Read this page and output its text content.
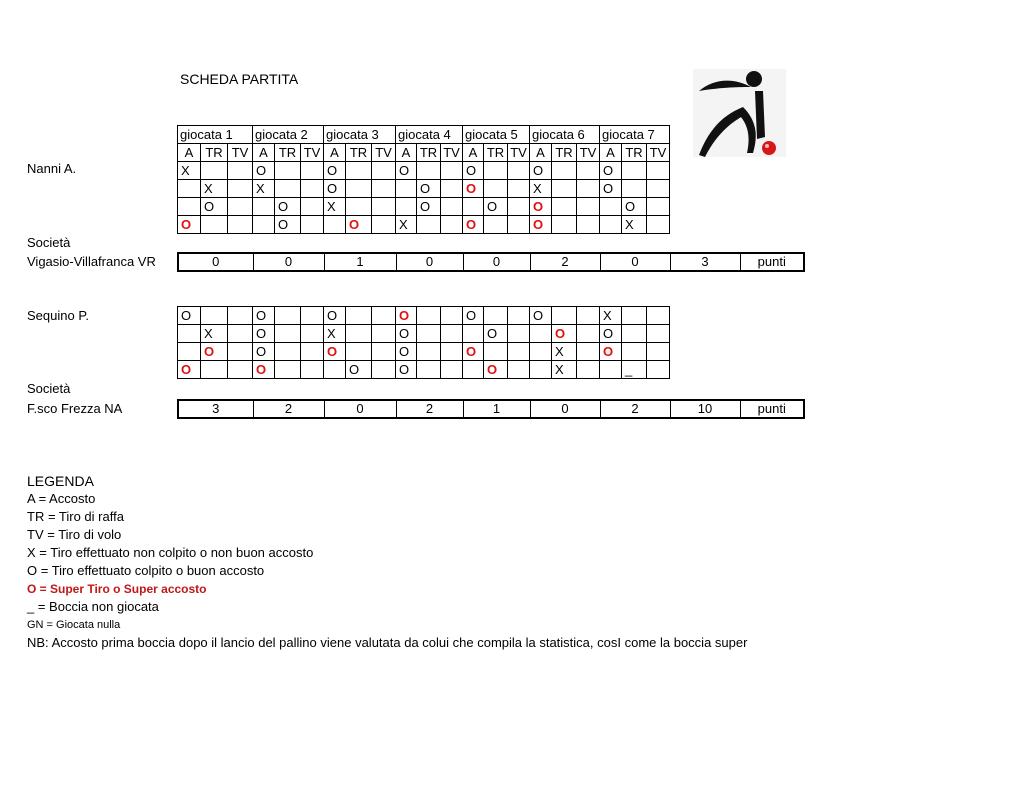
SCHEDA PARTITA
Nanni A.
Società
Vigasio-Villafranca VR
giocata 1			giocata 2			giocata 3			giocata 4			giocata 5			giocata 6			giocata 7		
A	TR	TV	A	TR	TV	A	TR	TV	A	TR	TV	A	TR	TV	A	TR	TV	A	TR	TV
X			O			O			O			O			O			O		
	X		X			O				O		O			X			O		
	O			O		X				O			O		O				O	
O				O			O		X			O			O				X	
0	0	1	0	0	2	0	3	punti
Sequino P.
Società
F.sco Frezza NA
O			O			O			O			O			O			X		
	X		O			X			O				O			O		O		
	O		O			O			O			O				X		O		
O			O				O		O				O			X			_	
3	2	0	2	1	0	2	10	punti
LEGENDA
A = Accosto
TR = Tiro di raffa
TV = Tiro di volo
X = Tiro effettuato non colpito o non buon accosto
O = Tiro effettuato colpito o buon accosto
O = Super Tiro o Super accosto
_ = Boccia non giocata
GN = Giocata nulla
NB: Accosto prima boccia dopo il lancio del pallino viene valutata da colui che compila la statistica, cosI come la boccia super
